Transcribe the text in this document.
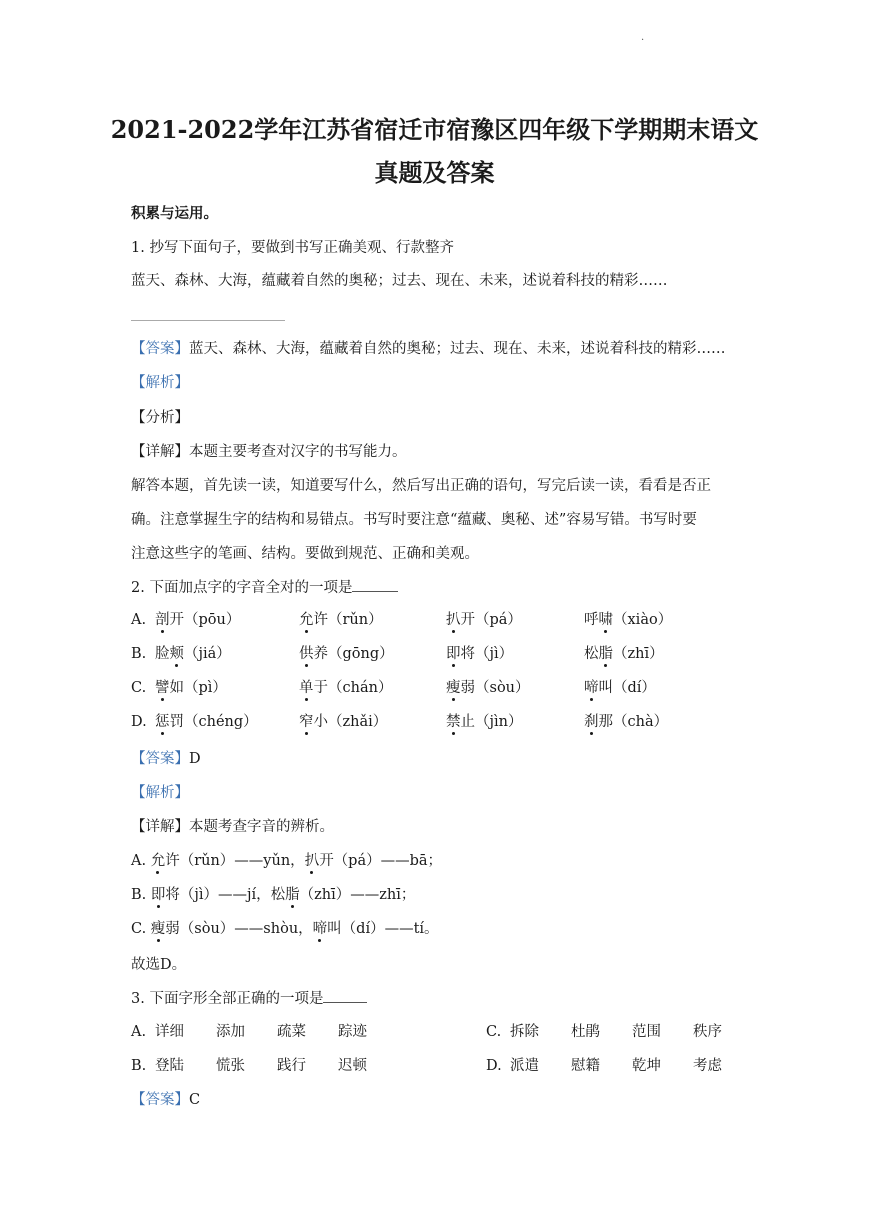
.
2021-2022学年江苏省宿迁市宿豫区四年级下学期期末语文
真题及答案
积累与运用。
1. 抄写下面句子，要做到书写正确美观、行款整齐
蓝天、森林、大海，蕴藏着自然的奥秘；过去、现在、未来，述说着科技的精彩……
【答案】蓝天、森林、大海，蕴藏着自然的奥秘；过去、现在、未来，述说着科技的精彩……
【解析】
【分析】
【详解】本题主要考查对汉字的书写能力。
解答本题，首先读一读，知道要写什么，然后写出正确的语句，写完后读一读，看看是否正
确。注意掌握生字的结构和易错点。书写时要注意“蕴藏、奥秘、述”容易写错。书写时要
注意这些字的笔画、结构。要做到规范、正确和美观。
2. 下面加点字的字音全对的一项是
A. 剖开（pōu）	允许（rǔn）	扒开（pá）	呼啸（xiào）
B. 脸颊（jiá）	供养（gōng）	即将（jì）	松脂（zhī）
C. 譬如（pì）	单于（chán）	瘦弱（sòu）	啼叫（dí）
D. 惩罚（chéng）	窄小（zhǎi）	禁止（jìn）	刹那（chà）
【答案】D
【解析】
【详解】本题考查字音的辨析。
A. 允许（rǔn）——yǔn，扒开（pá）——bā；
B. 即将（jì）——jí，松脂（zhī）——zhī；
C. 瘦弱（sòu）——shòu，啼叫（dí）——tí。
故选D。
3. 下面字形全部正确的一项是
A. 详细 添加 疏菜 踪迹
B. 登陆 慌张 践行 迟顿
C. 拆除 杜鹃 范围 秩序
D. 派遣 慰籍 乾坤 考虑
【答案】C
